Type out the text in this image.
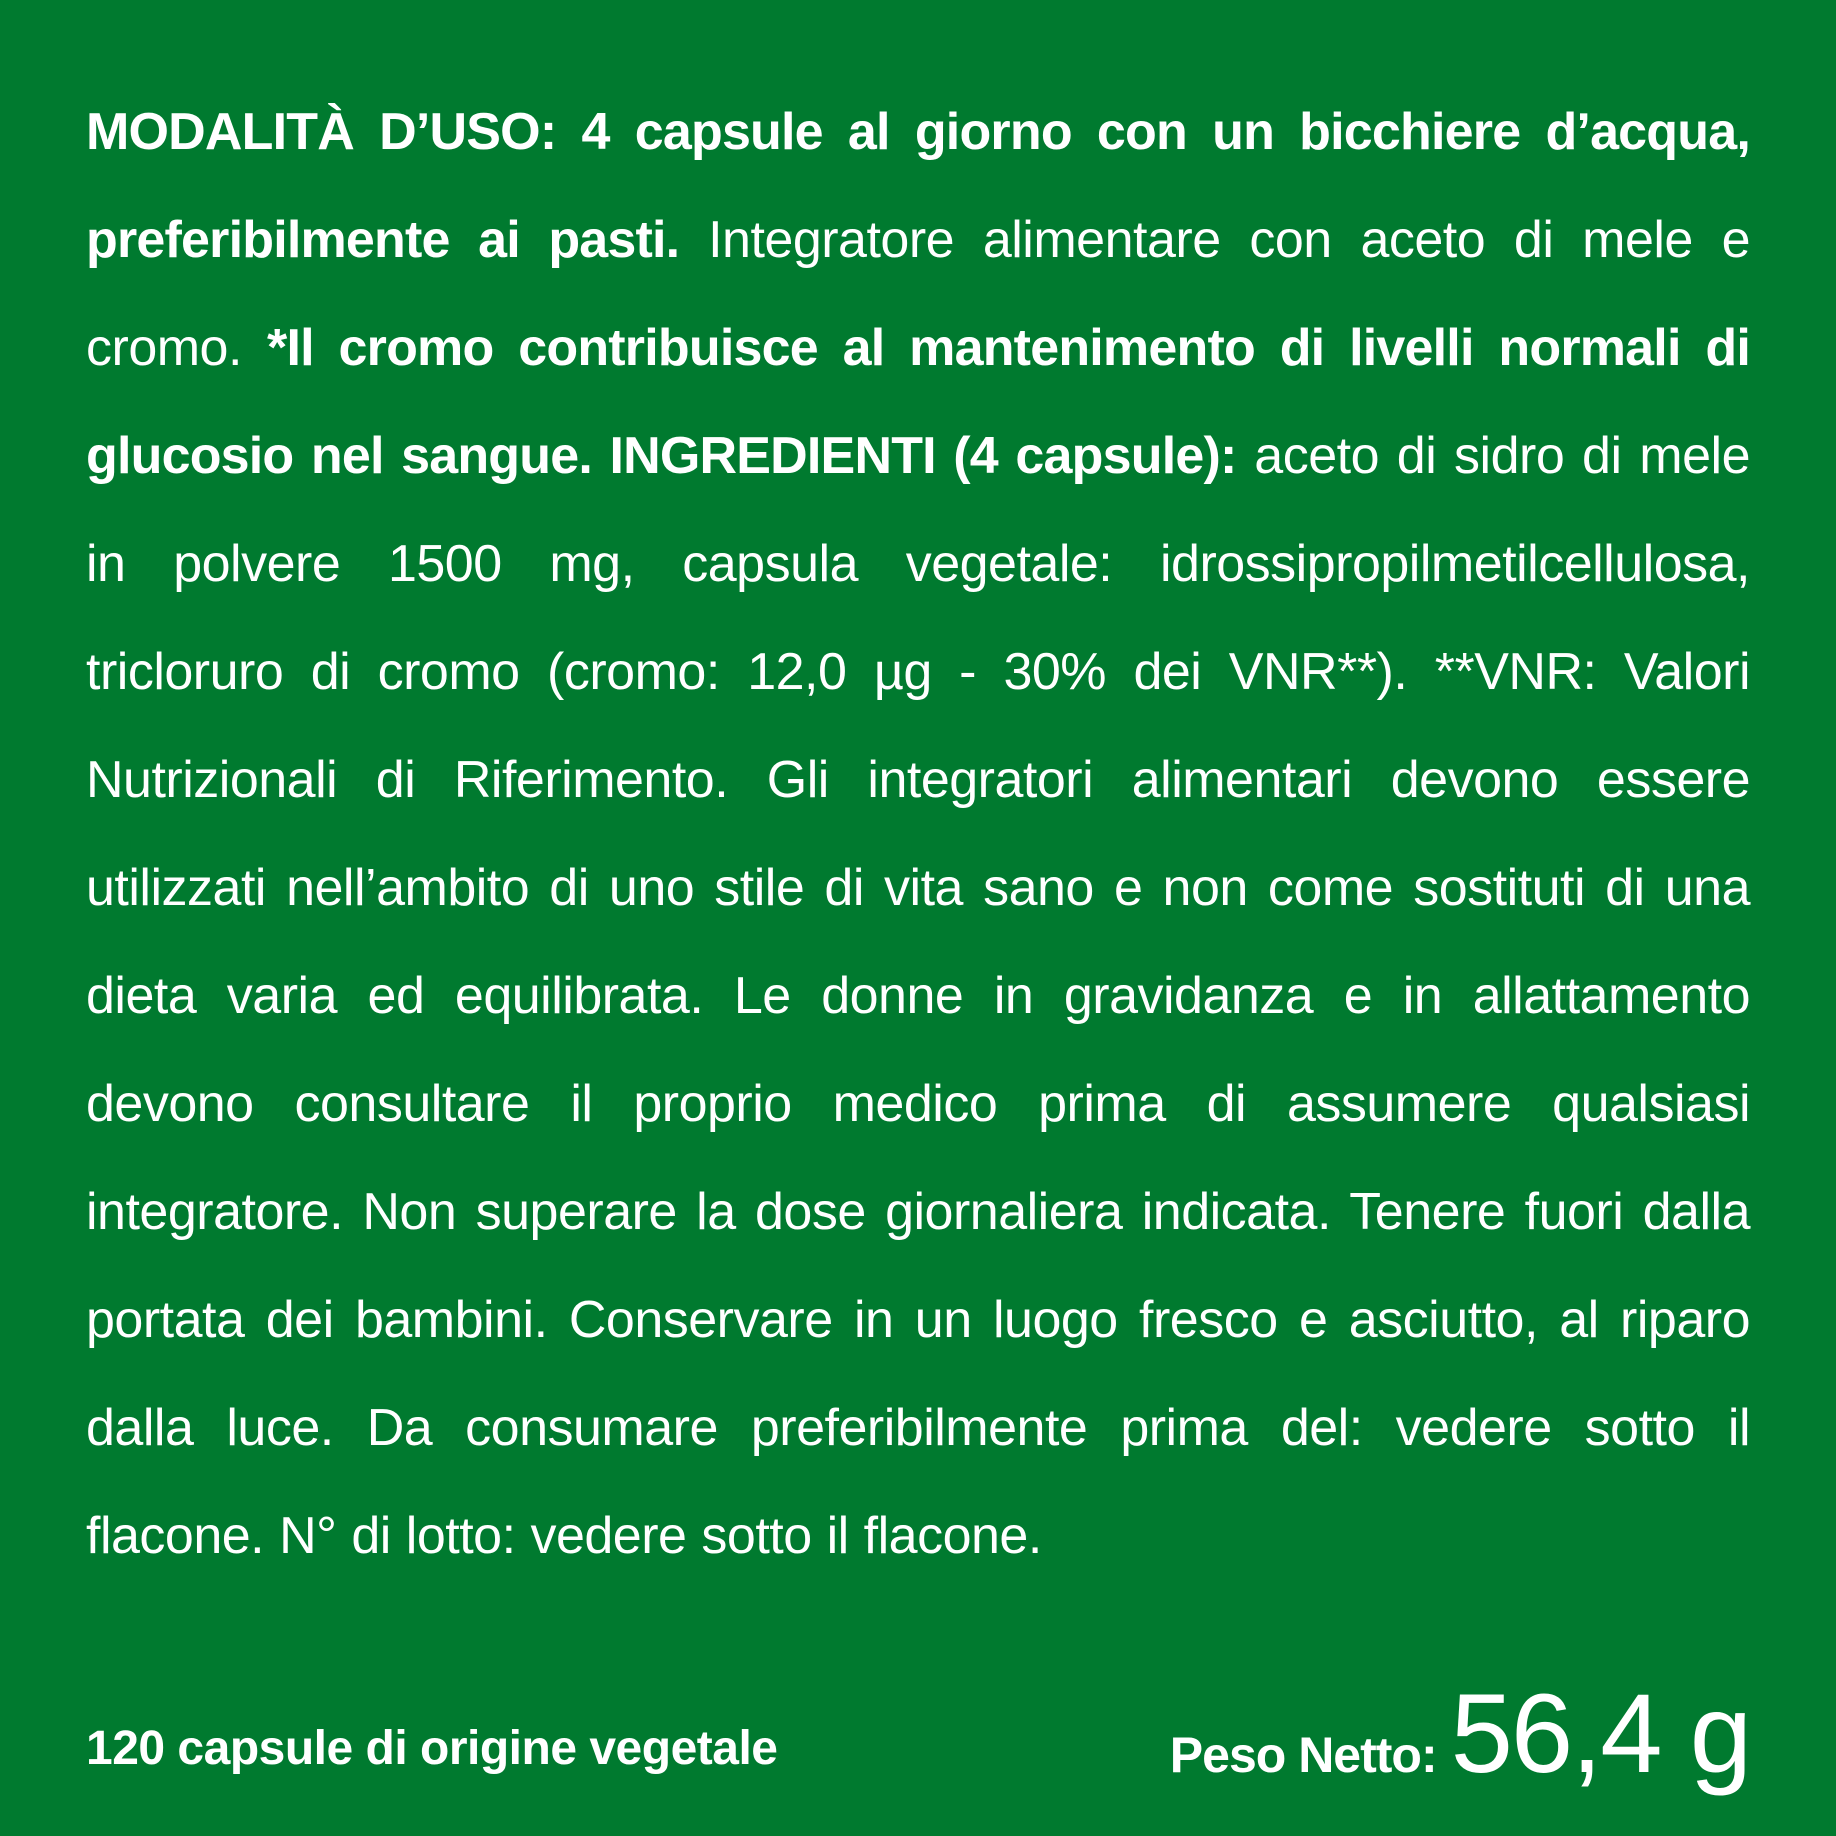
MODALITÀ D’USO: 4 capsule al giorno con un bicchiere d’acqua, preferibilmente ai pasti. Integratore alimentare con aceto di mele e cromo. *Il cromo contribuisce al mantenimento di livelli normali di glucosio nel sangue. INGREDIENTI (4 capsule): aceto di sidro di mele in polvere 1500 mg, capsula vegetale: idrossipropilmetilcellulosa, tricloruro di cromo (cromo: 12,0 µg - 30% dei VNR**). **VNR: Valori Nutrizionali di Riferimento. Gli integratori alimentari devono essere utilizzati nell’ambito di uno stile di vita sano e non come sostituti di una dieta varia ed equilibrata. Le donne in gravidanza e in allattamento devono consultare il proprio medico prima di assumere qualsiasi integratore. Non superare la dose giornaliera indicata. Tenere fuori dalla portata dei bambini. Conservare in un luogo fresco e asciutto, al riparo dalla luce. Da consumare preferibilmente prima del: vedere sotto il flacone. N° di lotto: vedere sotto il flacone.

120 capsule di origine vegetale	Peso Netto: 56,4 g
